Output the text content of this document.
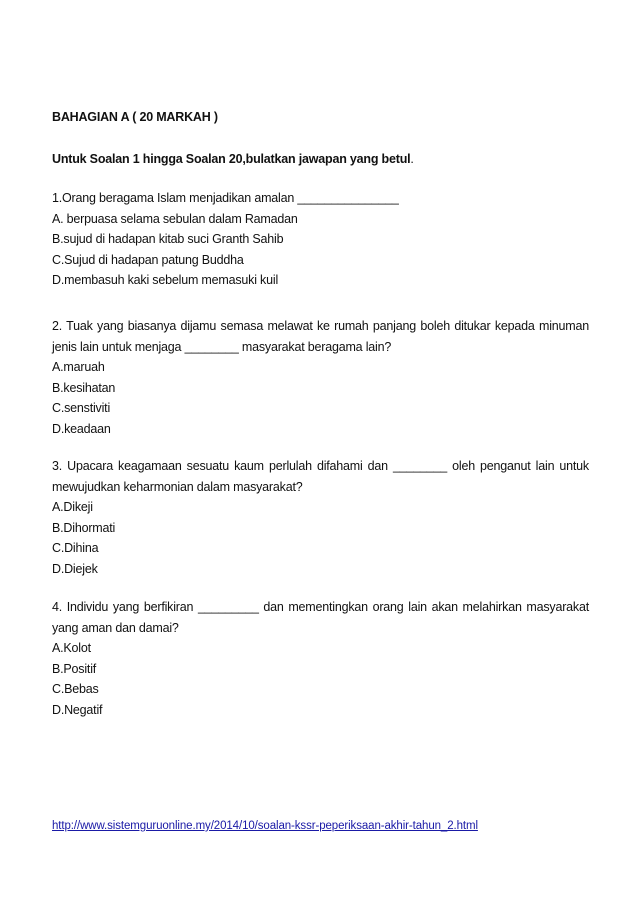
BAHAGIAN A ( 20 MARKAH )
Untuk Soalan 1 hingga Soalan 20,bulatkan jawapan yang betul.
1.Orang beragama Islam menjadikan amalan _______________
A. berpuasa selama sebulan dalam Ramadan
B.sujud di hadapan kitab suci Granth Sahib
C.Sujud di hadapan patung Buddha
D.membasuh kaki sebelum memasuki kuil
2. Tuak yang biasanya dijamu semasa melawat ke rumah panjang boleh ditukar kepada minuman jenis lain untuk menjaga ________ masyarakat beragama lain?
A.maruah
B.kesihatan
C.senstiviti
D.keadaan
3. Upacara keagamaan sesuatu kaum perlulah difahami dan ________ oleh penganut lain untuk mewujudkan keharmonian dalam masyarakat?
A.Dikeji
B.Dihormati
C.Dihina
D.Diejek
4. Individu yang berfikiran _________ dan mementingkan orang lain akan melahirkan masyarakat yang aman dan damai?
A.Kolot
B.Positif
C.Bebas
D.Negatif
http://www.sistemguruonline.my/2014/10/soalan-kssr-peperiksaan-akhir-tahun_2.html
